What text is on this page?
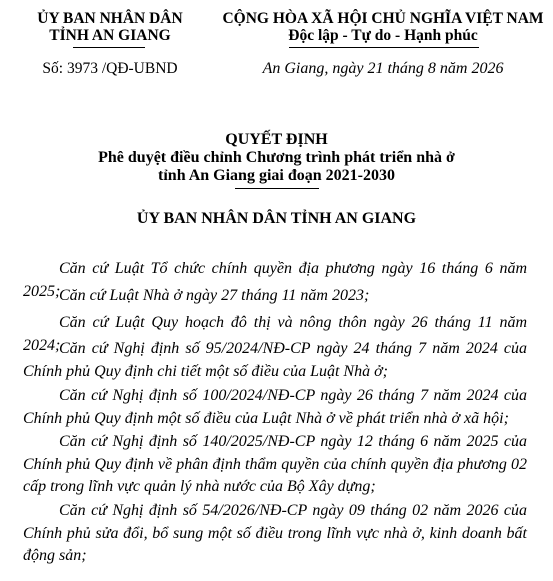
ỦY BAN NHÂN DÂN
TỈNH AN GIANG
Số: 3973 /QĐ-UBND
CỘNG HÒA XÃ HỘI CHỦ NGHĨA VIỆT NAM
Độc lập - Tự do - Hạnh phúc
An Giang, ngày 21 tháng 8 năm 2026
QUYẾT ĐỊNH
Phê duyệt điều chỉnh Chương trình phát triển nhà ở
tỉnh An Giang giai đoạn 2021-2030
ỦY BAN NHÂN DÂN TỈNH AN GIANG
Căn cứ Luật Tổ chức chính quyền địa phương ngày 16 tháng 6 năm 2025;
Căn cứ Luật Nhà ở ngày 27 tháng 11 năm 2023;
Căn cứ Luật Quy hoạch đô thị và nông thôn ngày 26 tháng 11 năm 2024;
Căn cứ Nghị định số 95/2024/NĐ-CP ngày 24 tháng 7 năm 2024 của Chính phủ Quy định chi tiết một số điều của Luật Nhà ở;
Căn cứ Nghị định số 100/2024/NĐ-CP ngày 26 tháng 7 năm 2024 của Chính phủ Quy định một số điều của Luật Nhà ở về phát triển nhà ở xã hội;
Căn cứ Nghị định số 140/2025/NĐ-CP ngày 12 tháng 6 năm 2025 của Chính phủ Quy định về phân định thẩm quyền của chính quyền địa phương 02 cấp trong lĩnh vực quản lý nhà nước của Bộ Xây dựng;
Căn cứ Nghị định số 54/2026/NĐ-CP ngày 09 tháng 02 năm 2026 của Chính phủ sửa đổi, bổ sung một số điều trong lĩnh vực nhà ở, kinh doanh bất động sản;
